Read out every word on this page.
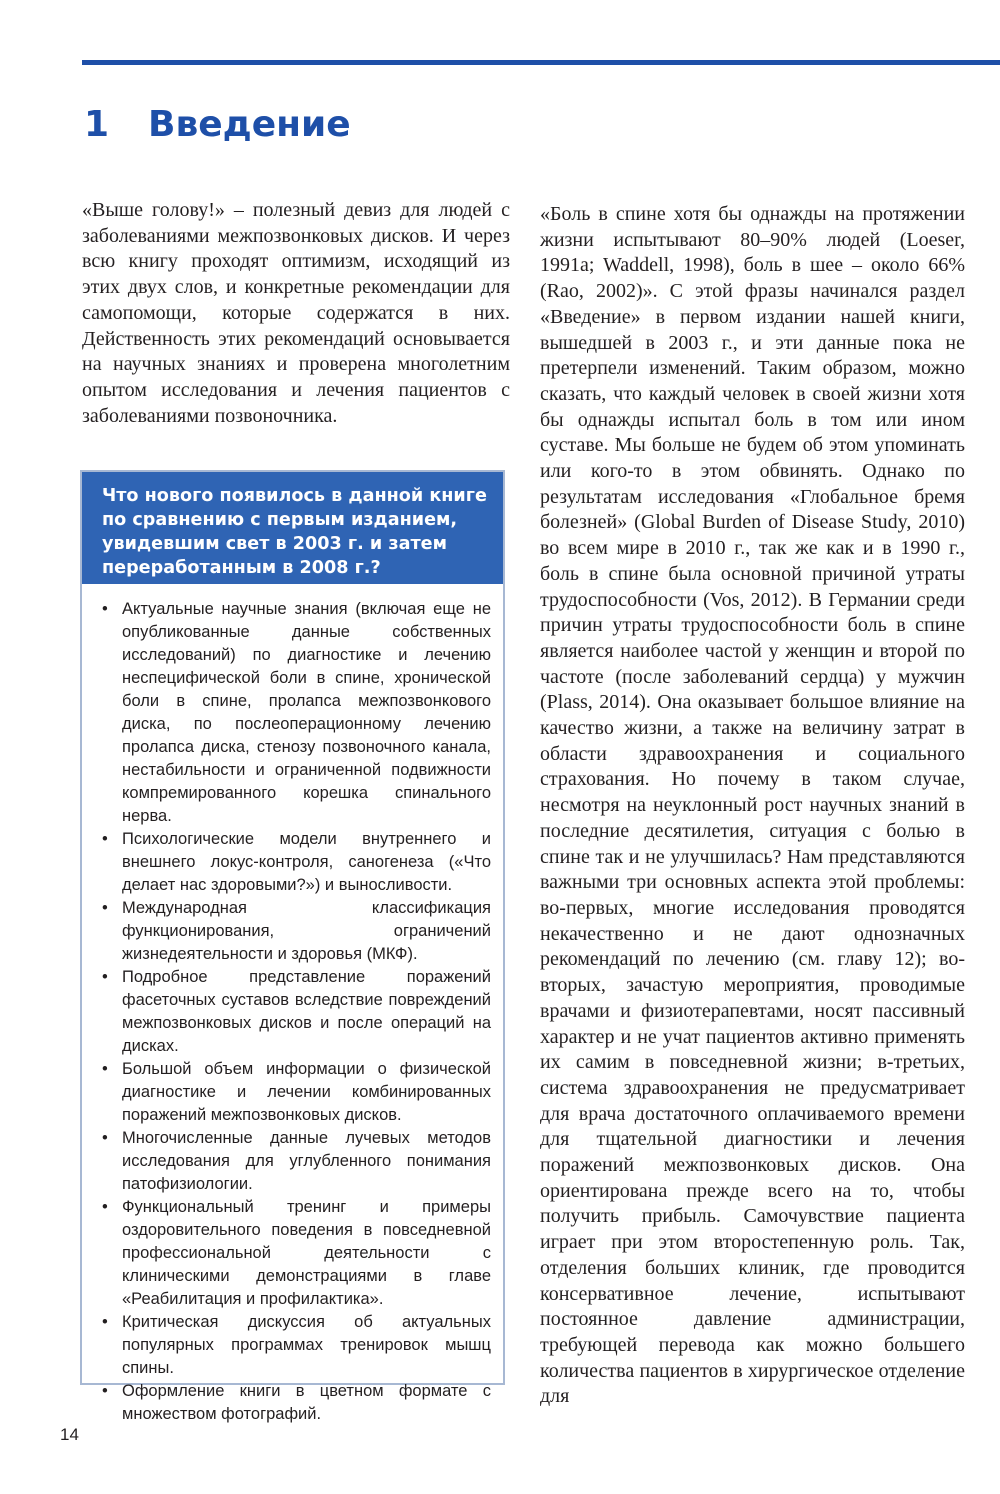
1 Введение

«Выше голову!» – полезный девиз для людей с заболеваниями межпозвонковых дисков. И через всю книгу проходят оптимизм, исходящий из этих двух слов, и конкретные рекомендации для самопомощи, которые содержатся в них. Действенность этих рекомендаций основывается на научных знаниях и проверена многолетним опытом исследования и лечения пациентов с заболеваниями позвоночника.

Что нового появилось в данной книге по сравнению с первым изданием, увидевшим свет в 2003 г. и затем переработанным в 2008 г.?
• Актуальные научные знания (включая еще не опубликованные данные собственных исследований) по диагностике и лечению неспецифической боли в спине, хронической боли в спине, пролапса межпозвонкового диска, по послеоперационному лечению пролапса диска, стенозу позвоночного канала, нестабильности и ограниченной подвижности компремированного корешка спинального нерва.
• Психологические модели внутреннего и внешнего локус-контроля, саногенеза («Что делает нас здоровыми?») и выносливости.
• Международная классификация функционирования, ограничений жизнедеятельности и здоровья (МКФ).
• Подробное представление поражений фасеточных суставов вследствие повреждений межпозвонковых дисков и после операций на дисках.
• Большой объем информации о физической диагностике и лечении комбинированных поражений межпозвонковых дисков.
• Многочисленные данные лучевых методов исследования для углубленного понимания патофизиологии.
• Функциональный тренинг и примеры оздоровительного поведения в повседневной профессиональной деятельности с клиническими демонстрациями в главе «Реабилитация и профилактика».
• Критическая дискуссия об актуальных популярных программах тренировок мышц спины.
• Оформление книги в цветном формате с множеством фотографий.

«Боль в спине хотя бы однажды на протяжении жизни испытывают 80–90% людей (Loeser, 1991a; Waddell, 1998), боль в шее – около 66% (Rao, 2002)». С этой фразы начинался раздел «Введение» в первом издании нашей книги, вышедшей в 2003 г., и эти данные пока не претерпели изменений. Таким образом, можно сказать, что каждый человек в своей жизни хотя бы однажды испытал боль в том или ином суставе. Мы больше не будем об этом упоминать или кого-то в этом обвинять. Однако по результатам исследования «Глобальное бремя болезней» (Global Burden of Disease Study, 2010) во всем мире в 2010 г., так же как и в 1990 г., боль в спине была основной причиной утраты трудоспособности (Vos, 2012). В Германии среди причин утраты трудоспособности боль в спине является наиболее частой у женщин и второй по частоте (после заболеваний сердца) у мужчин (Plass, 2014). Она оказывает большое влияние на качество жизни, а также на величину затрат в области здравоохранения и социального страхования. Но почему в таком случае, несмотря на неуклонный рост научных знаний в последние десятилетия, ситуация с болью в спине так и не улучшилась? Нам представляются важными три основных аспекта этой проблемы: во-первых, многие исследования проводятся некачественно и не дают однозначных рекомендаций по лечению (см. главу 12); во-вторых, зачастую мероприятия, проводимые врачами и физиотерапевтами, носят пассивный характер и не учат пациентов активно применять их самим в повседневной жизни; в-третьих, система здравоохранения не предусматривает для врача достаточного оплачиваемого времени для тщательной диагностики и лечения поражений межпозвонковых дисков. Она ориентирована прежде всего на то, чтобы получить прибыль. Самочувствие пациента играет при этом второстепенную роль. Так, отделения больших клиник, где проводится консервативное лечение, испытывают постоянное давление администрации, требующей перевода как можно большего количества пациентов в хирургическое отделение для

14
